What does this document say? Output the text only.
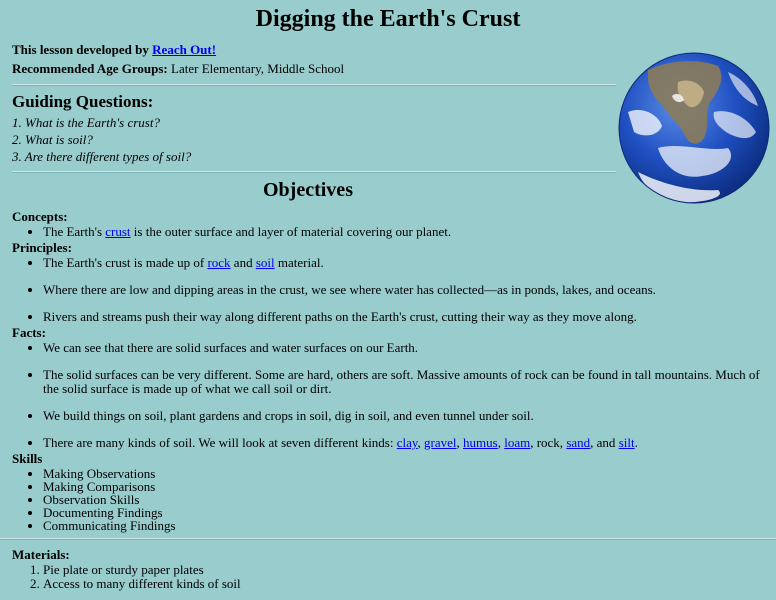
Digging the Earth's Crust
This lesson developed by Reach Out!
Recommended Age Groups: Later Elementary, Middle School
Guiding Questions:
1. What is the Earth's crust?
2. What is soil?
3. Are there different types of soil?
Objectives
Concepts:
• The Earth's crust is the outer surface and layer of material covering our planet.
Principles:
• The Earth's crust is made up of rock and soil material.
• Where there are low and dipping areas in the crust, we see where water has collected—as in ponds, lakes, and oceans.
• Rivers and streams push their way along different paths on the Earth's crust, cutting their way as they move along.
Facts:
• We can see that there are solid surfaces and water surfaces on our Earth.
• The solid surfaces can be very different. Some are hard, others are soft. Massive amounts of rock can be found in tall mountains. Much of the solid surface is made up of what we call soil or dirt.
• We build things on soil, plant gardens and crops in soil, dig in soil, and even tunnel under soil.
• There are many kinds of soil. We will look at seven different kinds: clay, gravel, humus, loam, rock, sand, and silt.
Skills
• Making Observations
• Making Comparisons
• Observation Skills
• Documenting Findings
• Communicating Findings
Materials:
1. Pie plate or sturdy paper plates
2. Access to many different kinds of soil
